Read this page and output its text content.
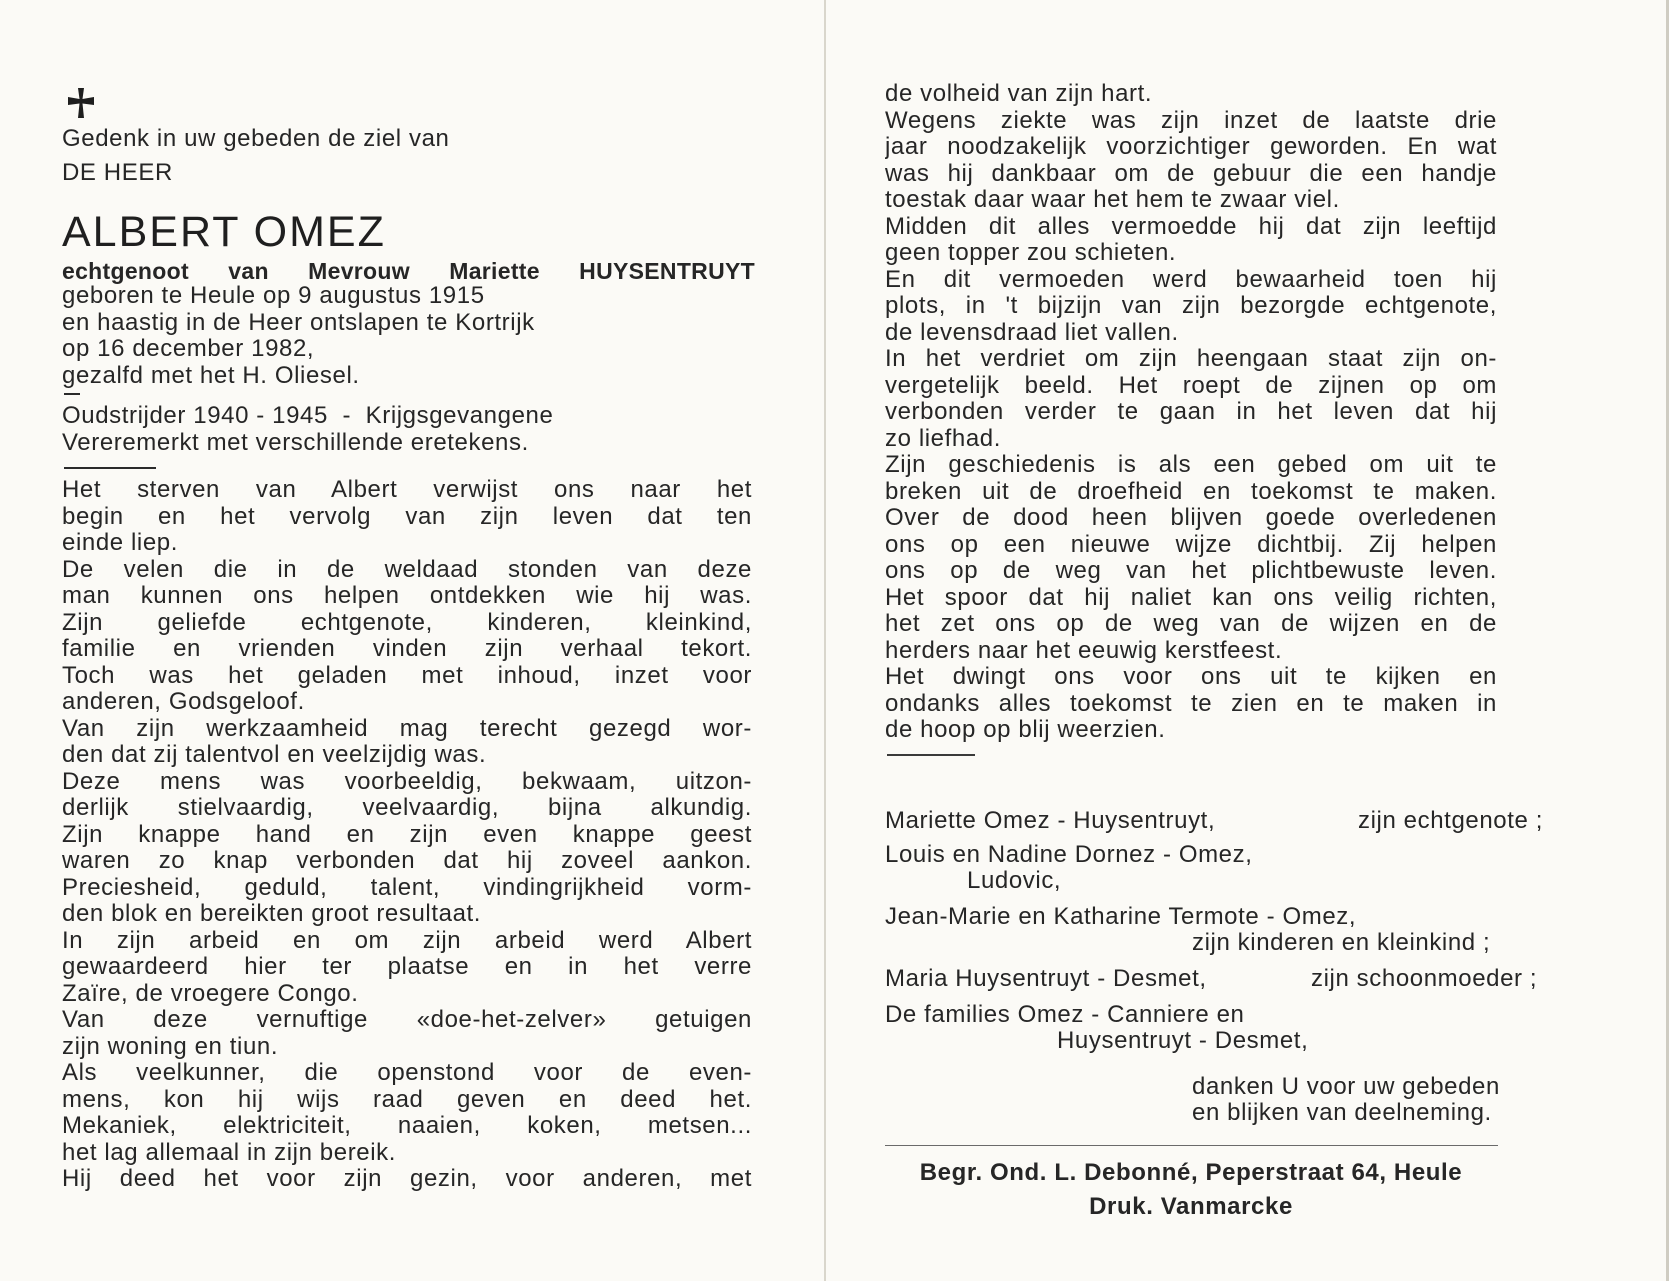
Gedenk in uw gebeden de ziel van
DE HEER
ALBERT OMEZ
echtgenoot van Mevrouw Mariette HUYSENTRUYT
geboren te Heule op 9 augustus 1915
en haastig in de Heer ontslapen te Kortrijk
op 16 december 1982,
gezalfd met het H. Oliesel.
Oudstrijder 1940 - 1945  -  Krijgsgevangene
Vereremerkt met verschillende eretekens.
Het sterven van Albert verwijst ons naar het
begin en het vervolg van zijn leven dat ten
einde liep.
De velen die in de weldaad stonden van deze
man kunnen ons helpen ontdekken wie hij was.
Zijn geliefde echtgenote, kinderen, kleinkind,
familie en vrienden vinden zijn verhaal tekort.
Toch was het geladen met inhoud, inzet voor
anderen, Godsgeloof.
Van zijn werkzaamheid mag terecht gezegd wor-
den dat zij talentvol en veelzijdig was.
Deze mens was voorbeeldig, bekwaam, uitzon-
derlijk stielvaardig, veelvaardig, bijna alkundig.
Zijn knappe hand en zijn even knappe geest
waren zo knap verbonden dat hij zoveel aankon.
Preciesheid, geduld, talent, vindingrijkheid vorm-
den blok en bereikten groot resultaat.
In zijn arbeid en om zijn arbeid werd Albert
gewaardeerd hier ter plaatse en in het verre
Zaïre, de vroegere Congo.
Van deze vernuftige «doe-het-zelver» getuigen
zijn woning en tiun.
Als veelkunner, die openstond voor de even-
mens, kon hij wijs raad geven en deed het.
Mekaniek, elektriciteit, naaien, koken, metsen...
het lag allemaal in zijn bereik.
Hij deed het voor zijn gezin, voor anderen, met
de volheid van zijn hart.
Wegens ziekte was zijn inzet de laatste drie
jaar noodzakelijk voorzichtiger geworden. En wat
was hij dankbaar om de gebuur die een handje
toestak daar waar het hem te zwaar viel.
Midden dit alles vermoedde hij dat zijn leeftijd
geen topper zou schieten.
En dit vermoeden werd bewaarheid toen hij
plots, in 't bijzijn van zijn bezorgde echtgenote,
de levensdraad liet vallen.
In het verdriet om zijn heengaan staat zijn on-
vergetelijk beeld. Het roept de zijnen op om
verbonden verder te gaan in het leven dat hij
zo liefhad.
Zijn geschiedenis is als een gebed om uit te
breken uit de droefheid en toekomst te maken.
Over de dood heen blijven goede overledenen
ons op een nieuwe wijze dichtbij. Zij helpen
ons op de weg van het plichtbewuste leven.
Het spoor dat hij naliet kan ons veilig richten,
het zet ons op de weg van de wijzen en de
herders naar het eeuwig kerstfeest.
Het dwingt ons voor ons uit te kijken en
ondanks alles toekomst te zien en te maken in
de hoop op blij weerzien.
Mariette Omez - Huysentruyt,	zijn echtgenote ;
Louis en Nadine Dornez - Omez,
Ludovic,
Jean-Marie en Katharine Termote - Omez,
zijn kinderen en kleinkind ;
Maria Huysentruyt - Desmet,	zijn schoonmoeder ;
De families Omez - Canniere en
Huysentruyt - Desmet,
danken U voor uw gebeden
en blijken van deelneming.
Begr. Ond. L. Debonné, Peperstraat 64, Heule
Druk. Vanmarcke
